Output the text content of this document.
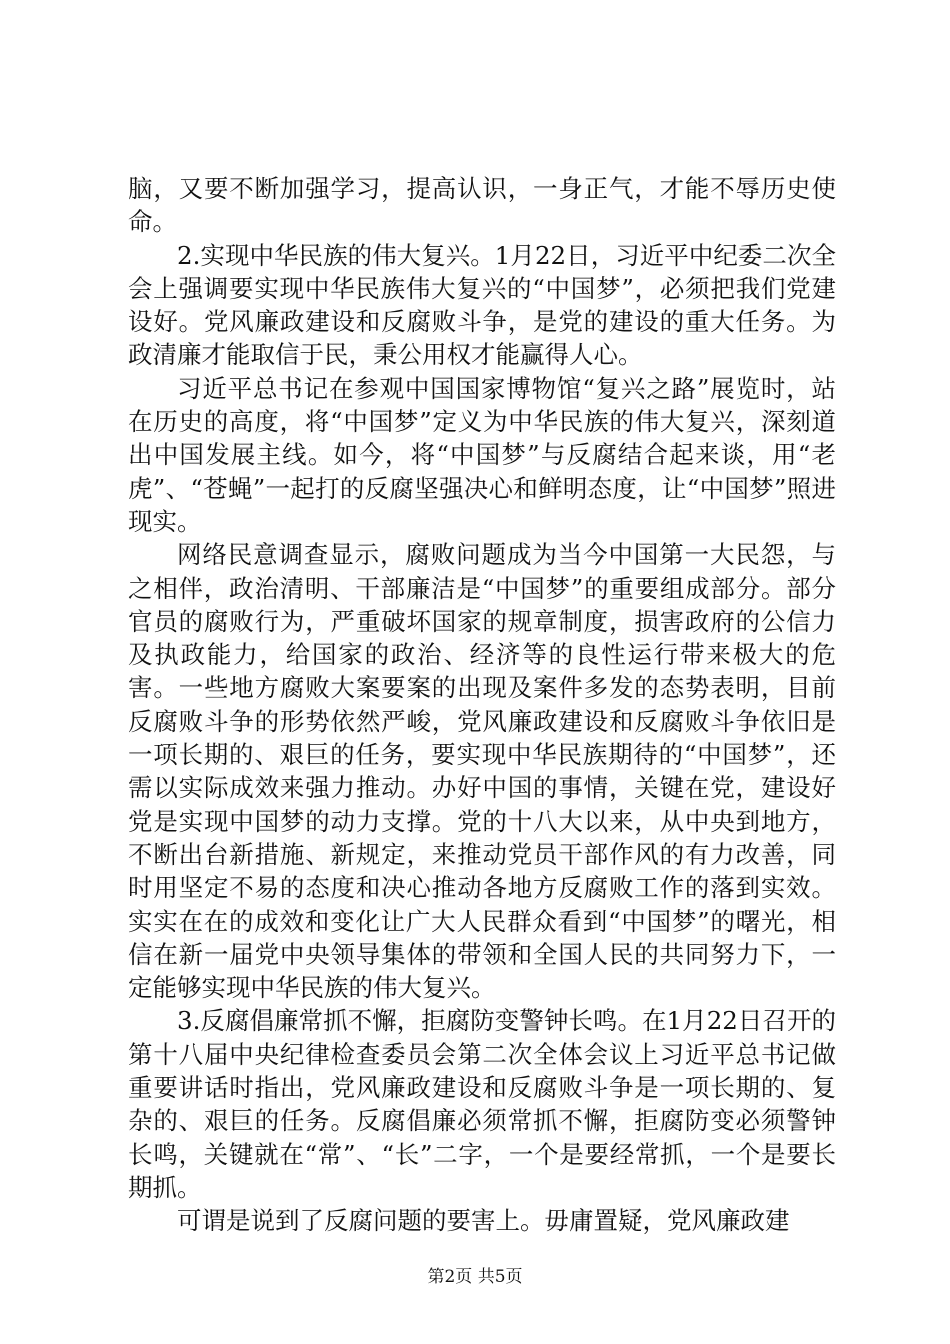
脑，又要不断加强学习，提高认识，一身正气，才能不辱历史使命。

2.实现中华民族的伟大复兴。1月22日，习近平中纪委二次全会上强调要实现中华民族伟大复兴的“中国梦”，必须把我们党建设好。党风廉政建设和反腐败斗争，是党的建设的重大任务。为政清廉才能取信于民，秉公用权才能赢得人心。

习近平总书记在参观中国国家博物馆“复兴之路”展览时，站在历史的高度，将“中国梦”定义为中华民族的伟大复兴，深刻道出中国发展主线。如今，将“中国梦”与反腐结合起来谈，用“老虎”、“苍蝇”一起打的反腐坚强决心和鲜明态度，让“中国梦”照进现实。

网络民意调查显示，腐败问题成为当今中国第一大民怨，与之相伴，政治清明、干部廉洁是“中国梦”的重要组成部分。部分官员的腐败行为，严重破坏国家的规章制度，损害政府的公信力及执政能力，给国家的政治、经济等的良性运行带来极大的危害。一些地方腐败大案要案的出现及案件多发的态势表明，目前反腐败斗争的形势依然严峻，党风廉政建设和反腐败斗争依旧是一项长期的、艰巨的任务，要实现中华民族期待的“中国梦”，还需以实际成效来强力推动。办好中国的事情，关键在党，建设好党是实现中国梦的动力支撑。党的十八大以来，从中央到地方，不断出台新措施、新规定，来推动党员干部作风的有力改善，同时用坚定不易的态度和决心推动各地方反腐败工作的落到实效。实实在在的成效和变化让广大人民群众看到“中国梦”的曙光，相信在新一届党中央领导集体的带领和全国人民的共同努力下，一定能够实现中华民族的伟大复兴。

3.反腐倡廉常抓不懈，拒腐防变警钟长鸣。在1月22日召开的第十八届中央纪律检查委员会第二次全体会议上习近平总书记做重要讲话时指出，党风廉政建设和反腐败斗争是一项长期的、复杂的、艰巨的任务。反腐倡廉必须常抓不懈，拒腐防变必须警钟长鸣，关键就在“常”、“长”二字，一个是要经常抓，一个是要长期抓。

可谓是说到了反腐问题的要害上。毋庸置疑，党风廉政建

第2页 共5页
